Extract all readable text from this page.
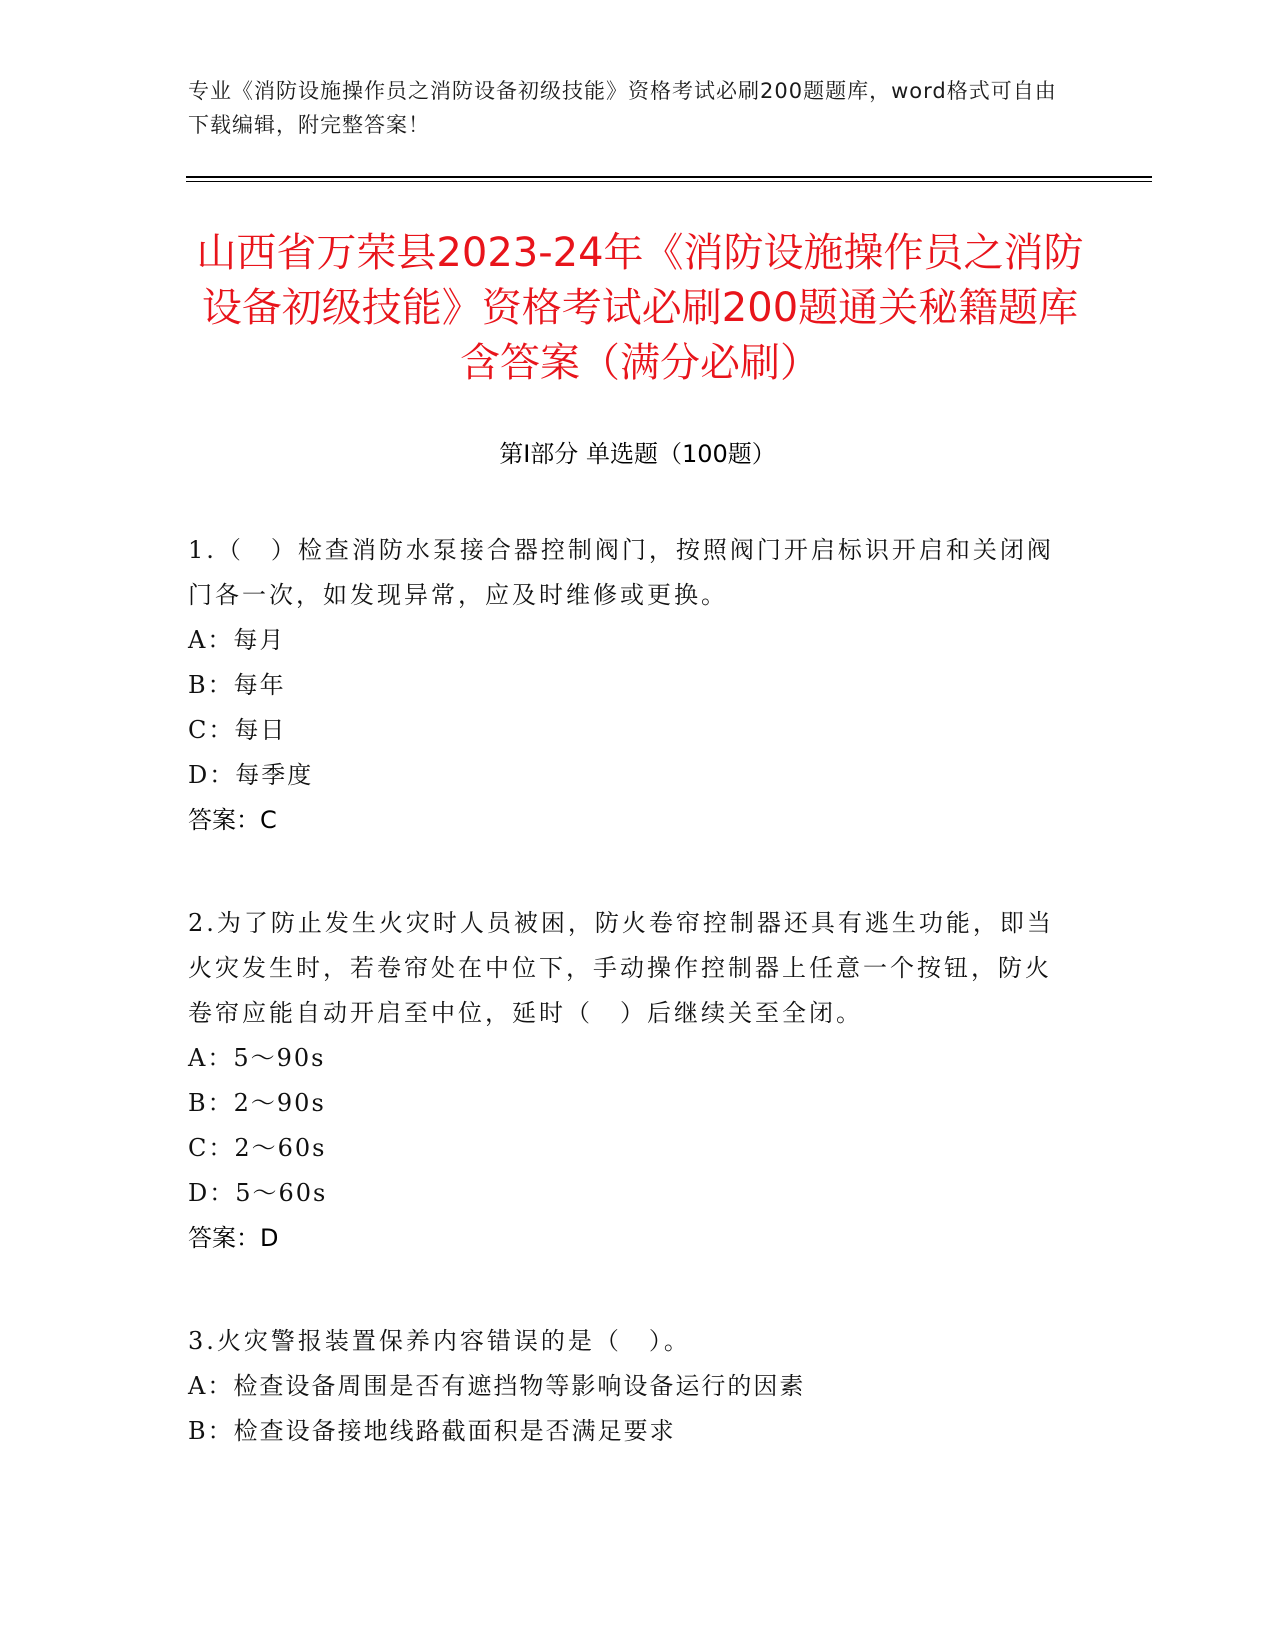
专业《消防设施操作员之消防设备初级技能》资格考试必刷200题题库，word格式可自由下载编辑，附完整答案！
山西省万荣县2023-24年《消防设施操作员之消防设备初级技能》资格考试必刷200题通关秘籍题库含答案（满分必刷）
第Ⅰ部分 单选题（100题）
1.（　）检查消防水泵接合器控制阀门，按照阀门开启标识开启和关闭阀门各一次，如发现异常，应及时维修或更换。
A：每月
B：每年
C：每日
D：每季度
答案：C
2.为了防止发生火灾时人员被困，防火卷帘控制器还具有逃生功能，即当火灾发生时，若卷帘处在中位下，手动操作控制器上任意一个按钮，防火卷帘应能自动开启至中位，延时（　）后继续关至全闭。
A：5～90s
B：2～90s
C：2～60s
D：5～60s
答案：D
3.火灾警报装置保养内容错误的是（　）。
A：检查设备周围是否有遮挡物等影响设备运行的因素
B：检查设备接地线路截面积是否满足要求
